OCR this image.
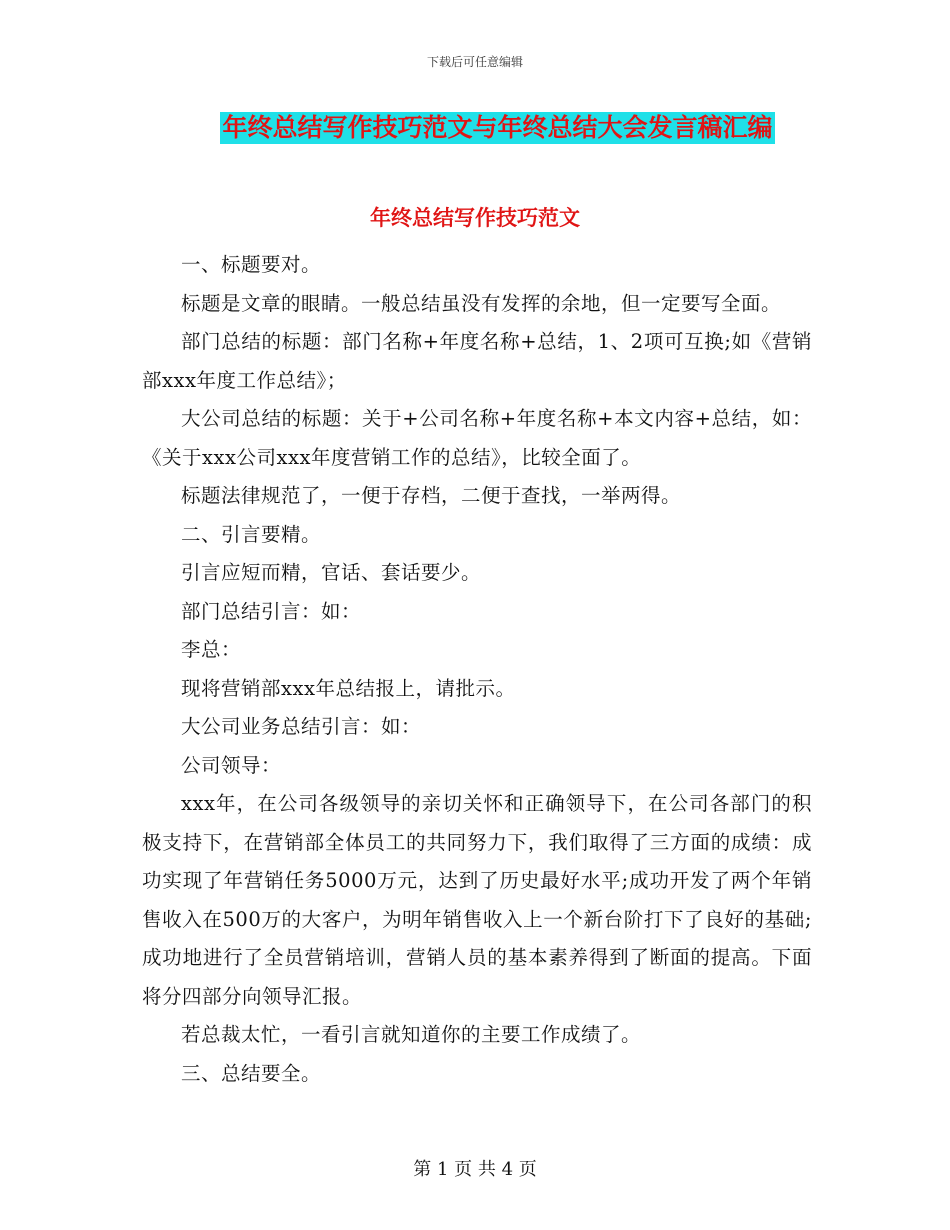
下载后可任意编辑
年终总结写作技巧范文与年终总结大会发言稿汇编
年终总结写作技巧范文

一、标题要对。

标题是文章的眼睛。一般总结虽没有发挥的余地，但一定要写全面。

部门总结的标题：部门名称+年度名称+总结，1、2项可互换;如《营销部xxx年度工作总结》；

大公司总结的标题：关于+公司名称+年度名称+本文内容+总结，如：《关于xxx公司xxx年度营销工作的总结》，比较全面了。

标题法律规范了，一便于存档，二便于查找，一举两得。

二、引言要精。

引言应短而精，官话、套话要少。

部门总结引言：如：

李总：

现将营销部xxx年总结报上，请批示。

大公司业务总结引言：如：

公司领导：

xxx年，在公司各级领导的亲切关怀和正确领导下，在公司各部门的积极支持下，在营销部全体员工的共同努力下，我们取得了三方面的成绩：成功实现了年营销任务5000万元，达到了历史最好水平;成功开发了两个年销售收入在500万的大客户，为明年销售收入上一个新台阶打下了良好的基础;成功地进行了全员营销培训，营销人员的基本素养得到了断面的提高。下面将分四部分向领导汇报。

若总裁太忙，一看引言就知道你的主要工作成绩了。

三、总结要全。

第 1 页 共 4 页
